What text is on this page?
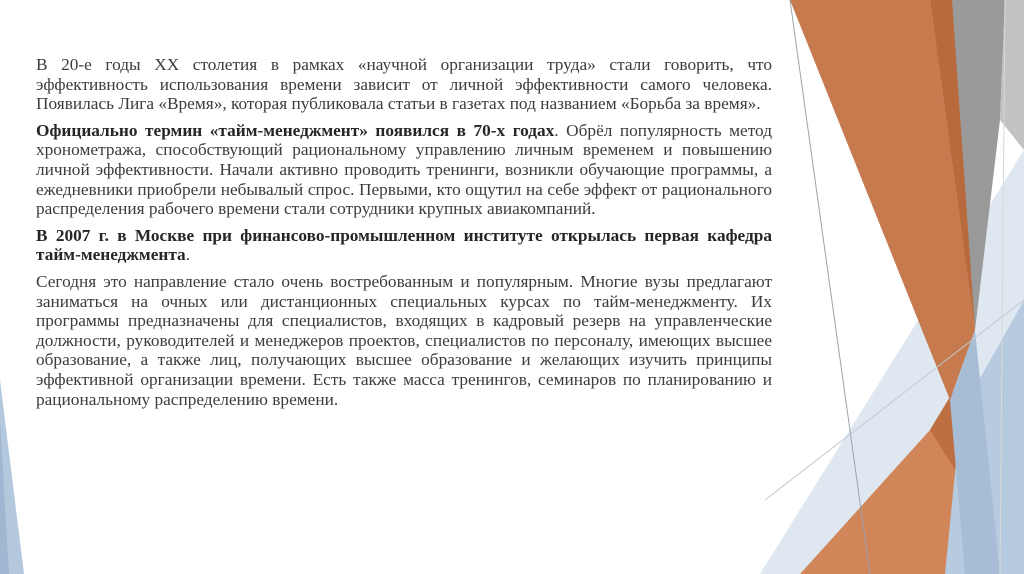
В 20-е годы XX столетия в рамках «научной организации труда» стали говорить, что эффективность использования времени зависит от личной эффективности самого человека. Появилась Лига «Время», которая публиковала статьи в газетах под названием «Борьба за время».

Официально термин «тайм-менеджмент» появился в 70-х годах. Обрёл популярность метод хронометража, способствующий рациональному управлению личным временем и повышению личной эффективности. Начали активно проводить тренинги, возникли обучающие программы, а ежедневники приобрели небывалый спрос. Первыми, кто ощутил на себе эффект от рационального распределения рабочего времени стали сотрудники крупных авиакомпаний.

В 2007 г. в Москве при финансово-промышленном институте открылась первая кафедра тайм-менеджмента.

Сегодня это направление стало очень востребованным и популярным. Многие вузы предлагают заниматься на очных или дистанционных специальных курсах по тайм-менеджменту. Их программы предназначены для специалистов, входящих в кадровый резерв на управленческие должности, руководителей и менеджеров проектов, специалистов по персоналу, имеющих высшее образование, а также лиц, получающих высшее образование и желающих изучить принципы эффективной организации времени. Есть также масса тренингов, семинаров по планированию и рациональному распределению времени.
